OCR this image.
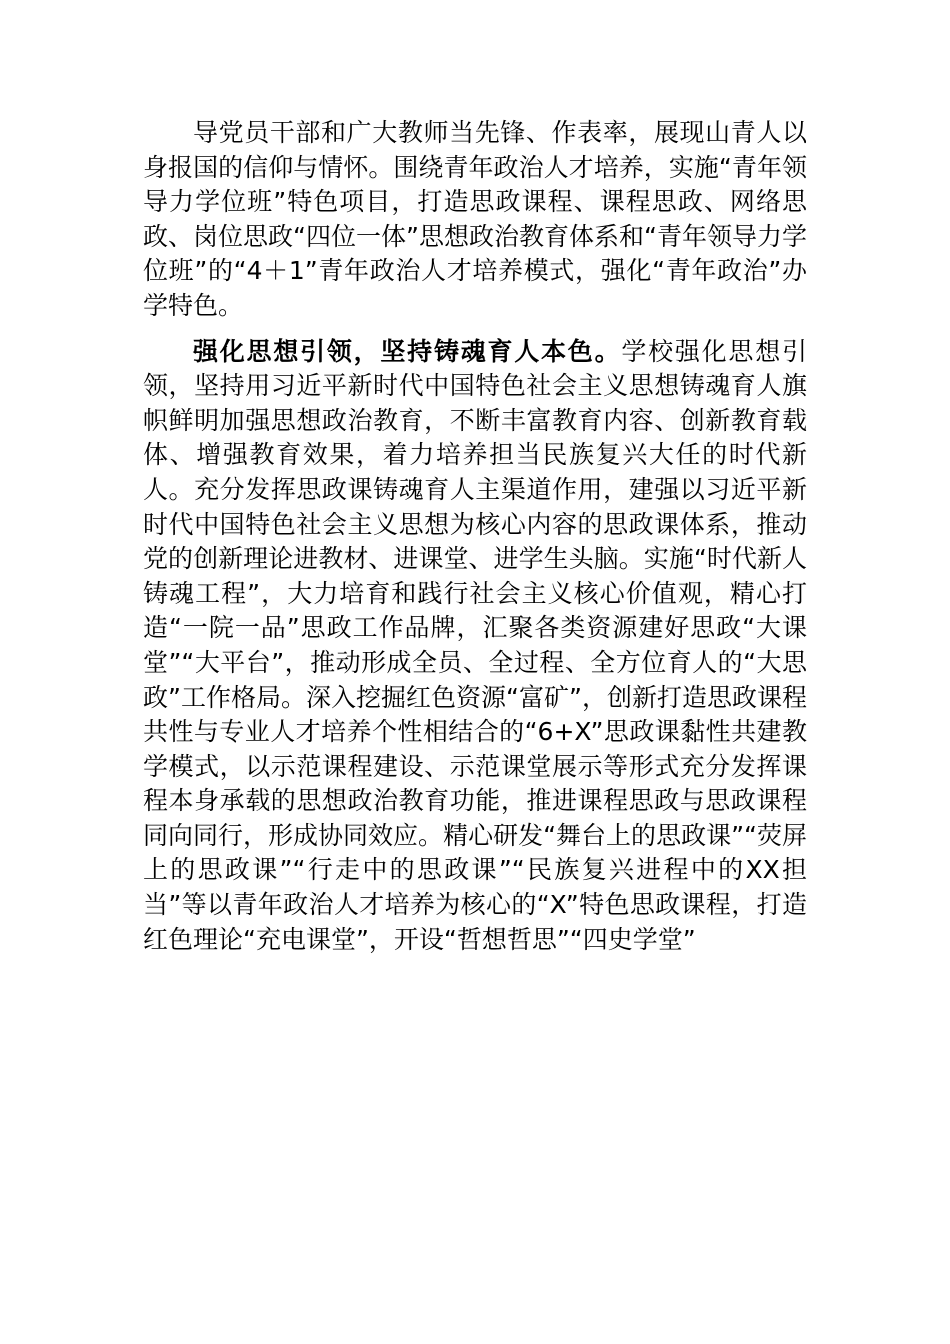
导党员干部和广大教师当先锋、作表率，展现山青人以身报国的信仰与情怀。围绕青年政治人才培养，实施“青年领导力学位班”特色项目，打造思政课程、课程思政、网络思政、岗位思政“四位一体”思想政治教育体系和“青年领导力学位班”的“4＋1”青年政治人才培养模式，强化“青年政治”办学特色。

强化思想引领，坚持铸魂育人本色。学校强化思想引领，坚持用习近平新时代中国特色社会主义思想铸魂育人旗帜鲜明加强思想政治教育，不断丰富教育内容、创新教育载体、增强教育效果，着力培养担当民族复兴大任的时代新人。充分发挥思政课铸魂育人主渠道作用，建强以习近平新时代中国特色社会主义思想为核心内容的思政课体系，推动党的创新理论进教材、进课堂、进学生头脑。实施“时代新人铸魂工程”，大力培育和践行社会主义核心价值观，精心打造“一院一品”思政工作品牌，汇聚各类资源建好思政“大课堂”“大平台”，推动形成全员、全过程、全方位育人的“大思政”工作格局。深入挖掘红色资源“富矿”，创新打造思政课程共性与专业人才培养个性相结合的“6+X”思政课黏性共建教学模式，以示范课程建设、示范课堂展示等形式充分发挥课程本身承载的思想政治教育功能，推进课程思政与思政课程同向同行，形成协同效应。精心研发“舞台上的思政课”“荧屏上的思政课”“行走中的思政课”“民族复兴进程中的XX担当”等以青年政治人才培养为核心的“X”特色思政课程，打造红色理论“充电课堂”，开设“哲想哲思”“四史学堂”
